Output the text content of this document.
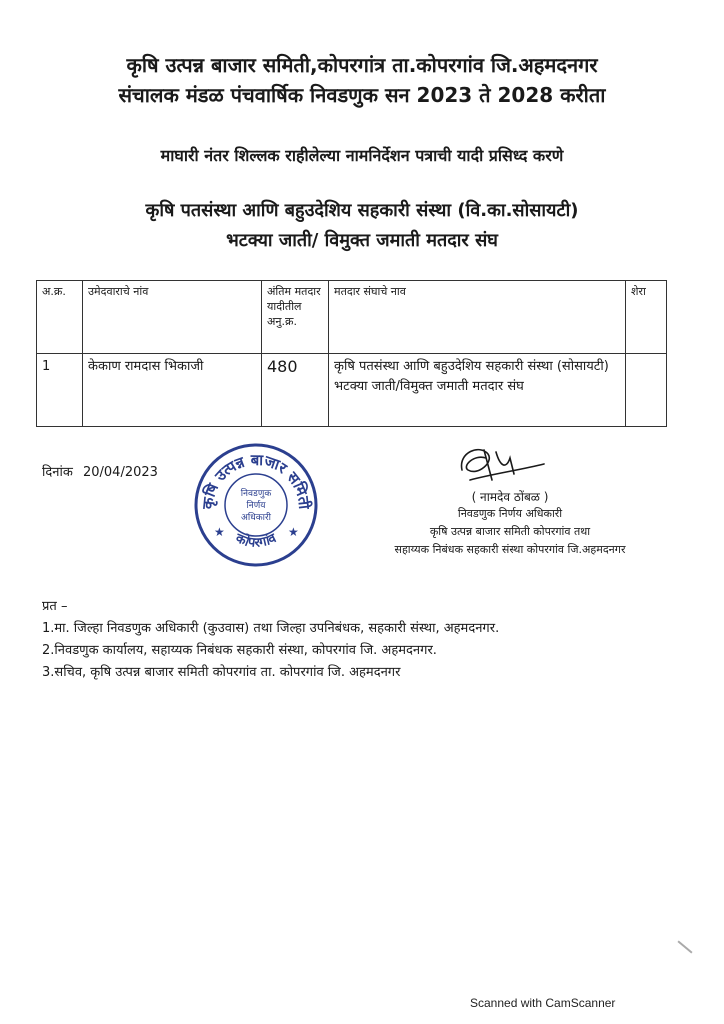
कृषि उत्पन्न बाजार समिती,कोपरगांत्र ता.कोपरगांव जि.अहमदनगर
संचालक मंडळ पंचवार्षिक निवडणुक सन 2023 ते 2028 करीता
माघारी नंतर शिल्लक राहीलेल्या नामनिर्देशन पत्राची यादी प्रसिध्द करणे
कृषि पतसंस्था आणि बहुउदेशिय सहकारी संस्था (वि.का.सोसायटी)
भटक्या जाती/ विमुक्त जमाती मतदार संघ
अ.क्र.	उमेदवाराचे नांव	अंतिम मतदार यादीतील अनु.क्र.	मतदार संघाचे नाव	शेरा
1	केकाण रामदास भिकाजी	480	कृषि पतसंस्था आणि बहुउदेशिय सहकारी संस्था (सोसायटी) भटक्या जाती/विमुक्त जमाती मतदार संघ	
दिनांक 20/04/2023
कृषि उत्पन्न बाजार समिती
कोपरगांव
निवडणुक
निर्णय
अधिकारी
★	★
( नामदेव ठोंबळ )
निवडणुक निर्णय अधिकारी
कृषि उत्पन्न बाजार समिती कोपरगांव तथा
सहाय्यक निबंधक सहकारी संस्था कोपरगांव जि.अहमदनगर
प्रत –
1.मा. जिल्हा निवडणुक अधिकारी (कुउवास) तथा जिल्हा उपनिबंधक, सहकारी संस्था, अहमदनगर.
2.निवडणुक कार्यालय, सहाय्यक निबंधक सहकारी संस्था, कोपरगांव जि. अहमदनगर.
3.सचिव, कृषि उत्पन्न बाजार समिती कोपरगांव ता. कोपरगांव जि. अहमदनगर
Scanned with CamScanner
